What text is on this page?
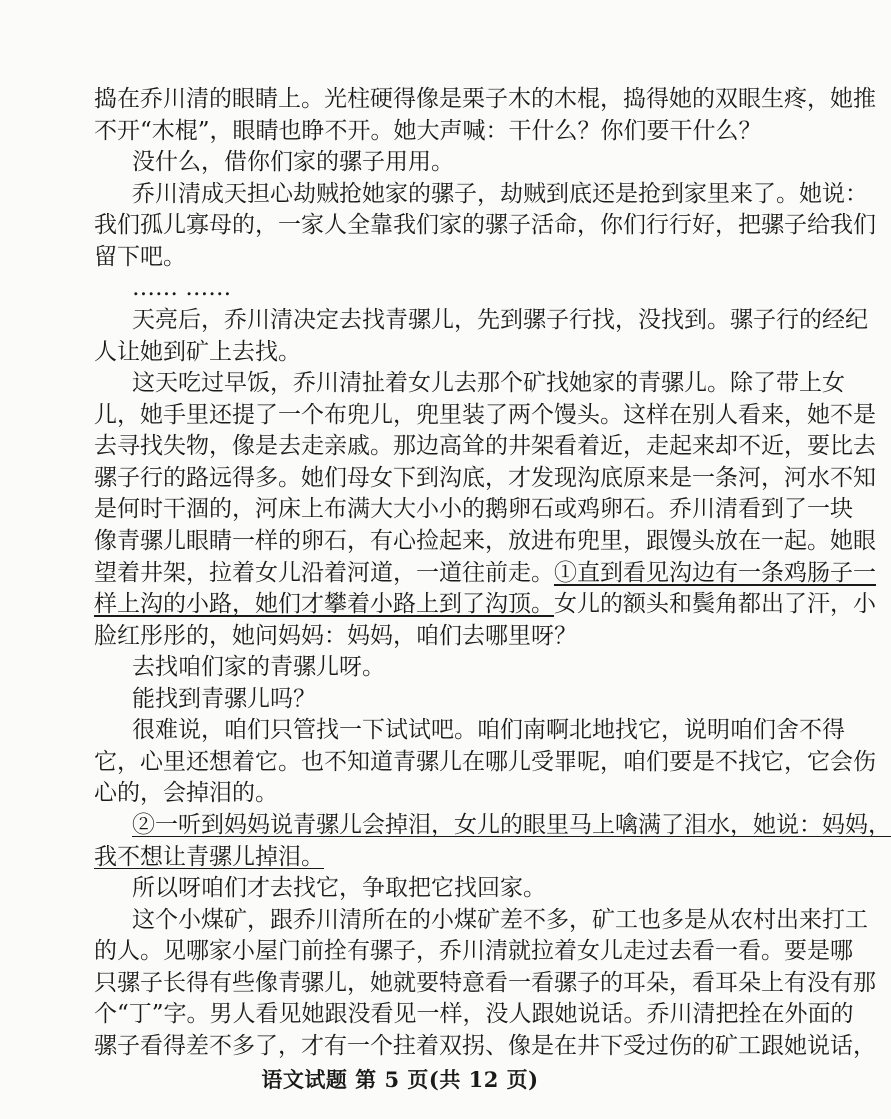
捣在乔川清的眼睛上。光柱硬得像是栗子木的木棍，捣得她的双眼生疼，她推
不开“木棍”，眼睛也睁不开。她大声喊：干什么？你们要干什么？
没什么，借你们家的骡子用用。
乔川清成天担心劫贼抢她家的骡子，劫贼到底还是抢到家里来了。她说：
我们孤儿寡母的，一家人全靠我们家的骡子活命，你们行行好，把骡子给我们
留下吧。
…… ……
天亮后，乔川清决定去找青骡儿，先到骡子行找，没找到。骡子行的经纪
人让她到矿上去找。
这天吃过早饭，乔川清扯着女儿去那个矿找她家的青骡儿。除了带上女
儿，她手里还提了一个布兜儿，兜里装了两个馒头。这样在别人看来，她不是
去寻找失物，像是去走亲戚。那边高耸的井架看着近，走起来却不近，要比去
骡子行的路远得多。她们母女下到沟底，才发现沟底原来是一条河，河水不知
是何时干涸的，河床上布满大大小小的鹅卵石或鸡卵石。乔川清看到了一块
像青骡儿眼睛一样的卵石，有心捡起来，放进布兜里，跟馒头放在一起。她眼
望着井架，拉着女儿沿着河道，一道往前走。①直到看见沟边有一条鸡肠子一
样上沟的小路，她们才攀着小路上到了沟顶。女儿的额头和鬓角都出了汗，小
脸红彤彤的，她问妈妈：妈妈，咱们去哪里呀？
去找咱们家的青骡儿呀。
能找到青骡儿吗？
很难说，咱们只管找一下试试吧。咱们南啊北地找它，说明咱们舍不得
它，心里还想着它。也不知道青骡儿在哪儿受罪呢，咱们要是不找它，它会伤
心的，会掉泪的。
②一听到妈妈说青骡儿会掉泪，女儿的眼里马上噙满了泪水，她说：妈妈，
我不想让青骡儿掉泪。
所以呀咱们才去找它，争取把它找回家。
这个小煤矿，跟乔川清所在的小煤矿差不多，矿工也多是从农村出来打工
的人。见哪家小屋门前拴有骡子，乔川清就拉着女儿走过去看一看。要是哪
只骡子长得有些像青骡儿，她就要特意看一看骡子的耳朵，看耳朵上有没有那
个“丁”字。男人看见她跟没看见一样，没人跟她说话。乔川清把拴在外面的
语文试题 第 5 页(共 12 页)
骡子看得差不多了，才有一个拄着双拐、像是在井下受过伤的矿工跟她说话，
